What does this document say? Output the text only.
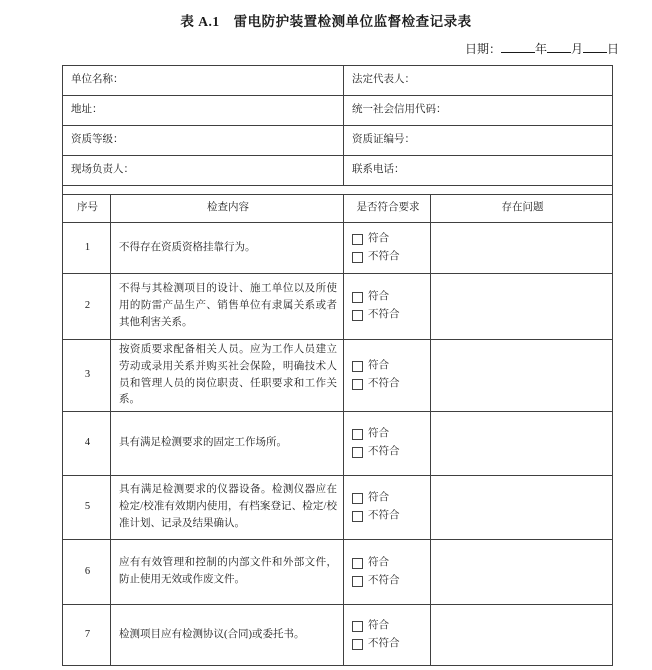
表 A.1　雷电防护装置检测单位监督检查记录表
日期：	年 月 日
单位名称：		法定代表人：	
地址：		统一社会信用代码：	
资质等级：		资质证编号：	
现场负责人：		联系电话：	

序号	检查内容	是否符合要求	存在问题
1	不得存在资质资格挂靠行为。	符合
不符合	

2	不得与其检测项目的设计、施工单位以及所使用的防雷产品生产、销售单位有隶属关系或者其他利害关系。	符合
不符合	

3	按资质要求配备相关人员。应为工作人员建立劳动或录用关系并购买社会保险，明确技术人员和管理人员的岗位职责、任职要求和工作关系。	符合
不符合	

4	具有满足检测要求的固定工作场所。	符合
不符合	

5	具有满足检测要求的仪器设备。检测仪器应在检定/校准有效期内使用，有档案登记、检定/校准计划、记录及结果确认。	符合
不符合	

6	应有有效管理和控制的内部文件和外部文件，防止使用无效或作废文件。	符合
不符合	

7	检测项目应有检测协议(合同)或委托书。	符合
不符合	
